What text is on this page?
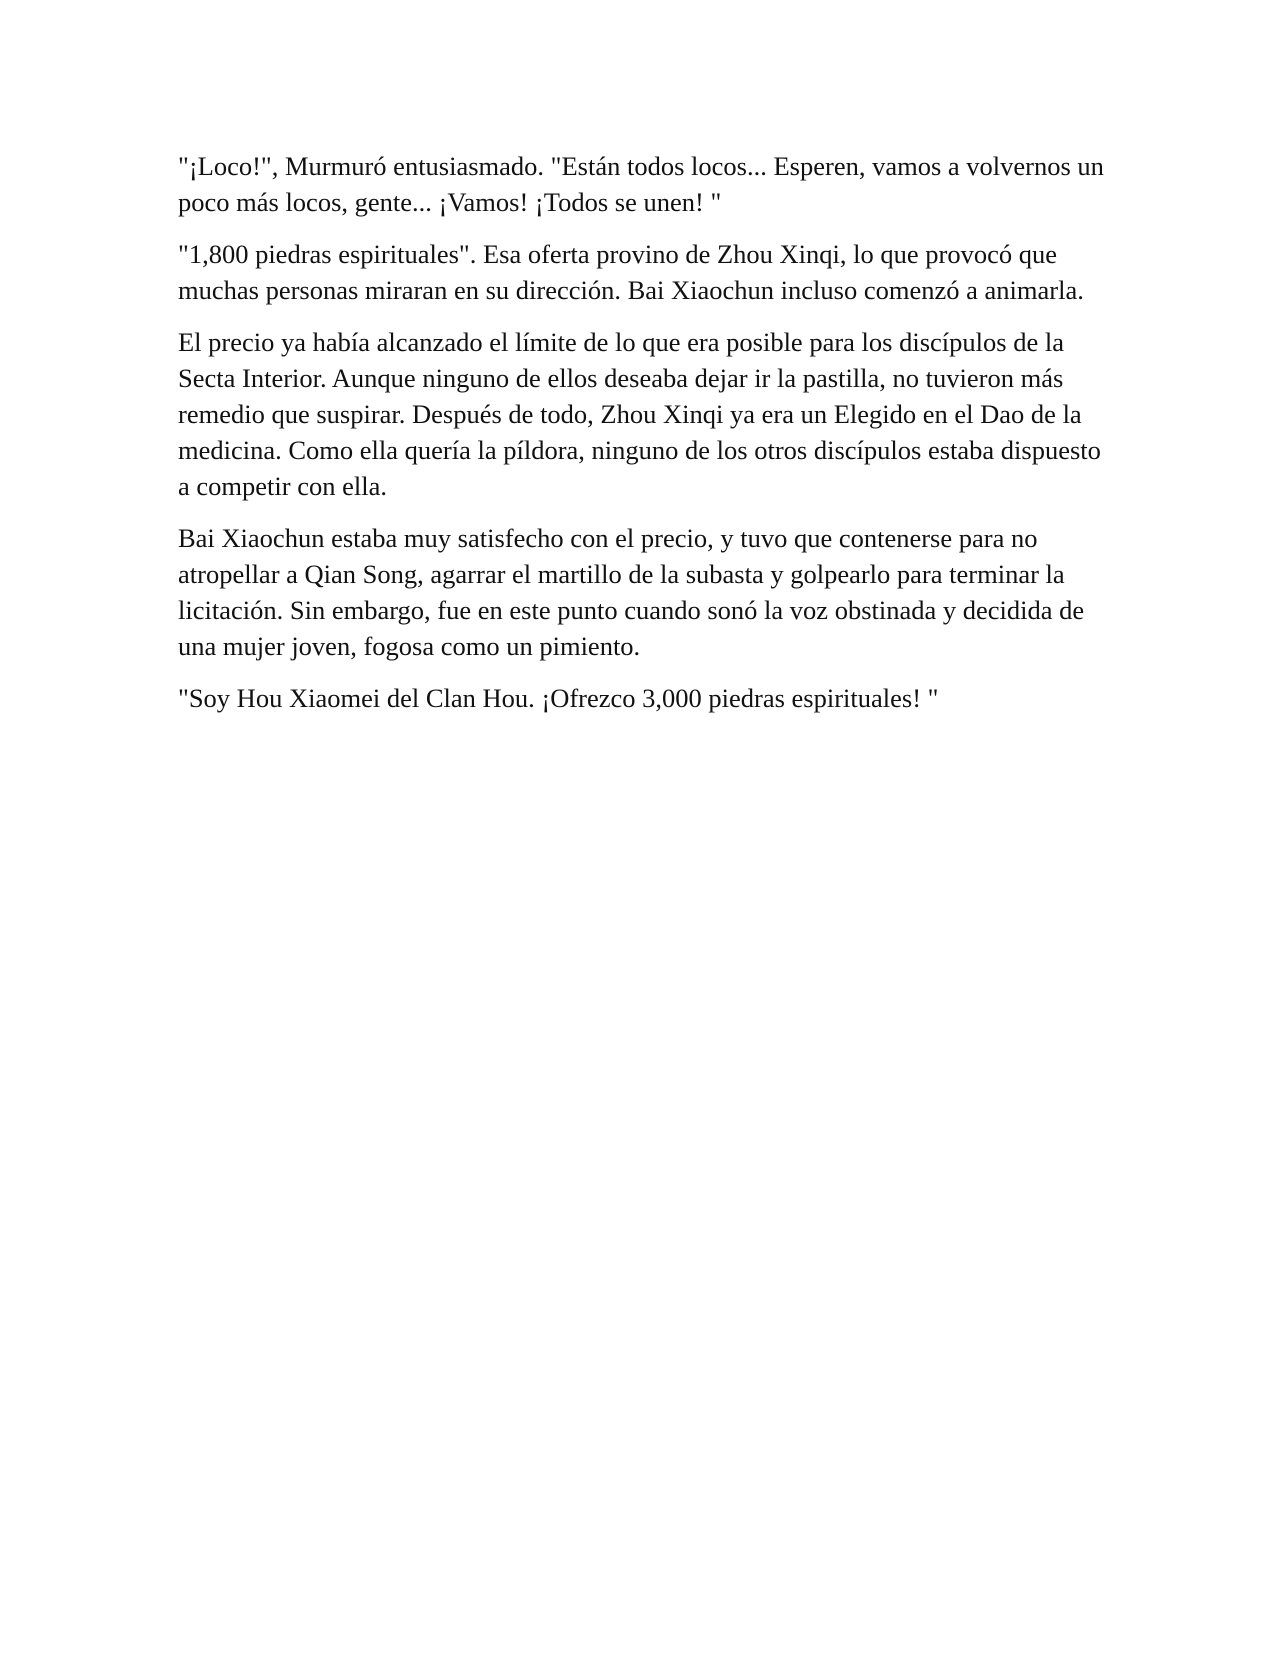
"¡Loco!", Murmuró entusiasmado. "Están todos locos... Esperen, vamos a volvernos un poco más locos, gente... ¡Vamos! ¡Todos se unen! "

"1,800 piedras espirituales". Esa oferta provino de Zhou Xinqi, lo que provocó que muchas personas miraran en su dirección. Bai Xiaochun incluso comenzó a animarla.

El precio ya había alcanzado el límite de lo que era posible para los discípulos de la Secta Interior. Aunque ninguno de ellos deseaba dejar ir la pastilla, no tuvieron más remedio que suspirar. Después de todo, Zhou Xinqi ya era un Elegido en el Dao de la medicina. Como ella quería la píldora, ninguno de los otros discípulos estaba dispuesto a competir con ella.

Bai Xiaochun estaba muy satisfecho con el precio, y tuvo que contenerse para no atropellar a Qian Song, agarrar el martillo de la subasta y golpearlo para terminar la licitación. Sin embargo, fue en este punto cuando sonó la voz obstinada y decidida de una mujer joven, fogosa como un pimiento.

"Soy Hou Xiaomei del Clan Hou. ¡Ofrezco 3,000 piedras espirituales! "
